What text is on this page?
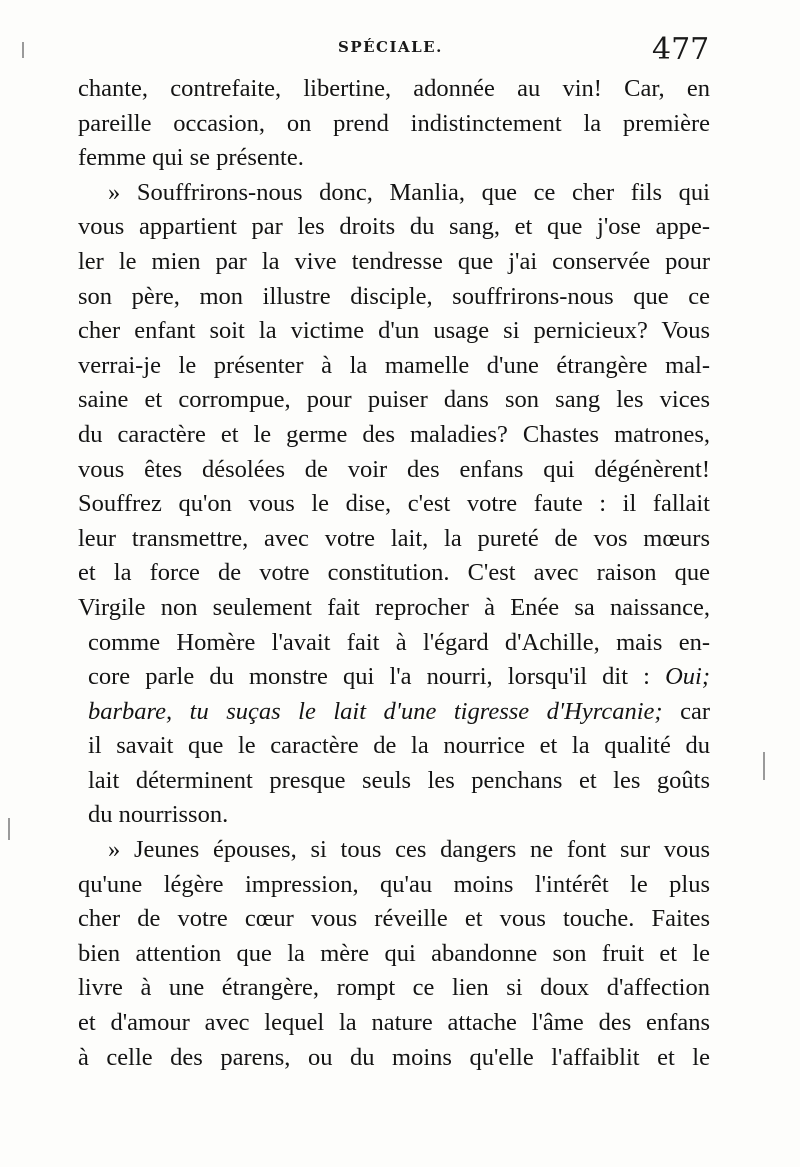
SPÉCIALE.	477
chante, contrefaite, libertine, adonnée au vin! Car, en
pareille occasion, on prend indistinctement la première
femme qui se présente.
» Souffrirons-nous donc, Manlia, que ce cher fils qui
vous appartient par les droits du sang, et que j'ose appe-
ler le mien par la vive tendresse que j'ai conservée pour
son père, mon illustre disciple, souffrirons-nous que ce
cher enfant soit la victime d'un usage si pernicieux? Vous
verrai-je le présenter à la mamelle d'une étrangère mal-
saine et corrompue, pour puiser dans son sang les vices
du caractère et le germe des maladies? Chastes matrones,
vous êtes désolées de voir des enfans qui dégénèrent!
Souffrez qu'on vous le dise, c'est votre faute : il fallait
leur transmettre, avec votre lait, la pureté de vos mœurs
et la force de votre constitution. C'est avec raison que
Virgile non seulement fait reprocher à Enée sa naissance,
comme Homère l'avait fait à l'égard d'Achille, mais en-
core parle du monstre qui l'a nourri, lorsqu'il dit : Oui;
barbare, tu suças le lait d'une tigresse d'Hyrcanie; car
il savait que le caractère de la nourrice et la qualité du
lait déterminent presque seuls les penchans et les goûts
du nourrisson.
» Jeunes épouses, si tous ces dangers ne font sur vous
qu'une légère impression, qu'au moins l'intérêt le plus
cher de votre cœur vous réveille et vous touche. Faites
bien attention que la mère qui abandonne son fruit et le
livre à une étrangère, rompt ce lien si doux d'affection
et d'amour avec lequel la nature attache l'âme des enfans
à celle des parens, ou du moins qu'elle l'affaiblit et le
